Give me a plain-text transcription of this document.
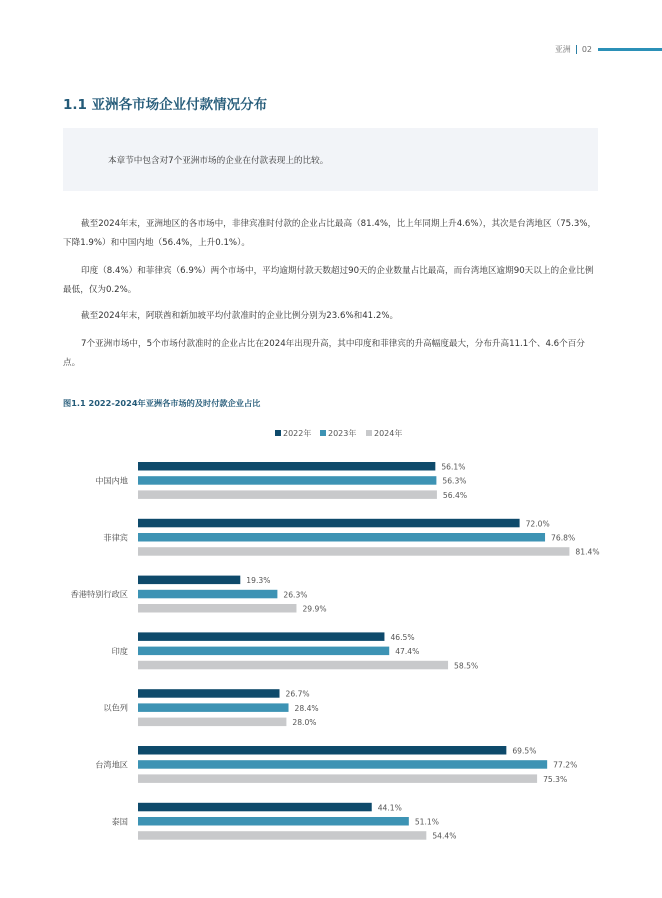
亚洲 02
1.1 亚洲各市场企业付款情况分布
本章节中包含对7个亚洲市场的企业在付款表现上的比较。

截至2024年末，亚洲地区的各市场中，非律宾准时付款的企业占比最高（81.4%，比上年同期上升4.6%），其次是台湾地区（75.3%，下降1.9%）和中国内地（56.4%，上升0.1%）。

印度（8.4%）和菲律宾（6.9%）两个市场中，平均逾期付款天数超过90天的企业数量占比最高，而台湾地区逾期90天以上的企业比例最低，仅为0.2%。

截至2024年末，阿联酋和新加坡平均付款准时的企业比例分别为23.6%和41.2%。

7个亚洲市场中，5个市场付款准时的企业占比在2024年出现升高，其中印度和菲律宾的升高幅度最大，分布升高11.1个、4.6个百分点。

图1.1 2022-2024年亚洲各市场的及时付款企业占比
2022年 2023年 2024年
中国内地
56.1%
56.3%
56.4%
菲律宾
72.0%
76.8%
81.4%
香港特别行政区
19.3%
26.3%
29.9%
印度
46.5%
47.4%
58.5%
以色列
26.7%
28.4%
28.0%
台湾地区
69.5%
77.2%
75.3%
泰国
44.1%
51.1%
54.4%
